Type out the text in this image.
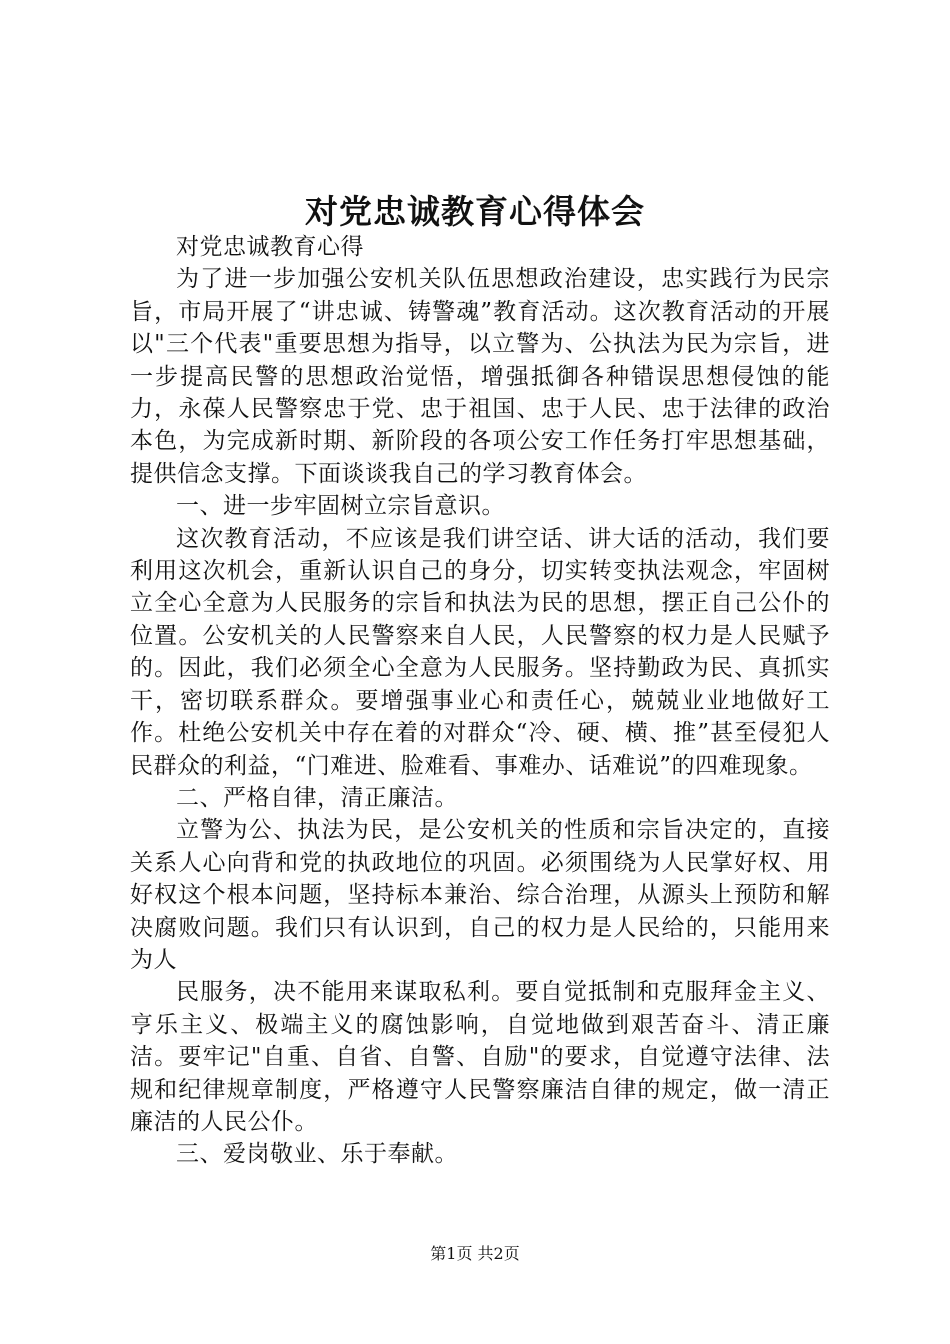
对党忠诚教育心得体会

对党忠诚教育心得

为了进一步加强公安机关队伍思想政治建设，忠实践行为民宗旨，市局开展了“讲忠诚、铸警魂”教育活动。这次教育活动的开展以"三个代表"重要思想为指导，以立警为、公执法为民为宗旨，进一步提高民警的思想政治觉悟，增强抵御各种错误思想侵蚀的能力，永葆人民警察忠于党、忠于祖国、忠于人民、忠于法律的政治本色，为完成新时期、新阶段的各项公安工作任务打牢思想基础，提供信念支撑。下面谈谈我自己的学习教育体会。

一、进一步牢固树立宗旨意识。

这次教育活动，不应该是我们讲空话、讲大话的活动，我们要利用这次机会，重新认识自己的身分，切实转变执法观念，牢固树立全心全意为人民服务的宗旨和执法为民的思想，摆正自己公仆的位置。公安机关的人民警察来自人民，人民警察的权力是人民赋予的。因此，我们必须全心全意为人民服务。坚持勤政为民、真抓实干，密切联系群众。要增强事业心和责任心，兢兢业业地做好工作。杜绝公安机关中存在着的对群众“冷、硬、横、推”甚至侵犯人民群众的利益，“门难进、脸难看、事难办、话难说”的四难现象。

二、严格自律，清正廉洁。

立警为公、执法为民，是公安机关的性质和宗旨决定的，直接关系人心向背和党的执政地位的巩固。必须围绕为人民掌好权、用好权这个根本问题，坚持标本兼治、综合治理，从源头上预防和解决腐败问题。我们只有认识到，自己的权力是人民给的，只能用来为人

民服务，决不能用来谋取私利。要自觉抵制和克服拜金主义、亨乐主义、极端主义的腐蚀影响，自觉地做到艰苦奋斗、清正廉洁。要牢记"自重、自省、自警、自励"的要求，自觉遵守法律、法规和纪律规章制度，严格遵守人民警察廉洁自律的规定，做一清正廉洁的人民公仆。

三、爱岗敬业、乐于奉献。

第1页 共2页
